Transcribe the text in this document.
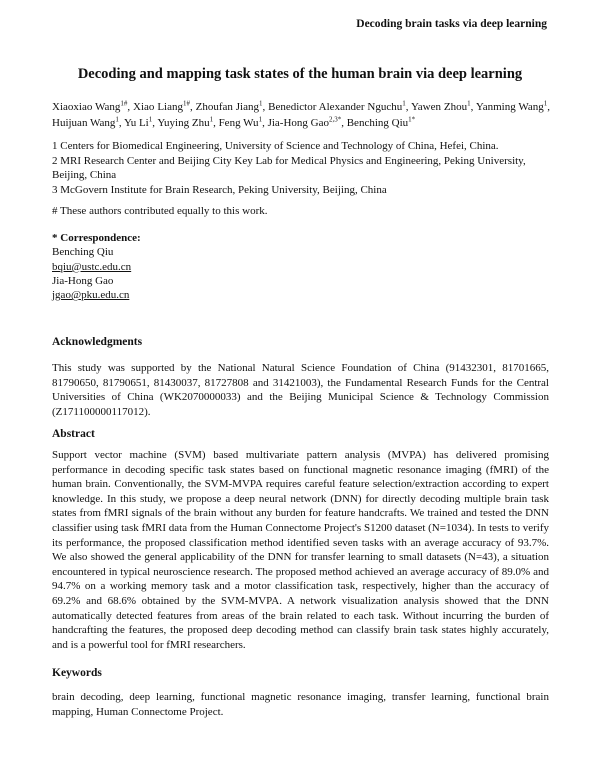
Decoding brain tasks via deep learning
Decoding and mapping task states of the human brain via deep learning
Xiaoxiao Wang$^{1\#}$, Xiao Liang$^{1\#}$, Zhoufan Jiang$^1$, Benedictor Alexander Nguchu$^1$, Yawen Zhou$^1$, Yanming Wang$^1$, Huijuan Wang$^1$, Yu Li$^1$, Yuying Zhu$^1$, Feng Wu$^1$, Jia-Hong Gao$^{2,3*}$, Benching Qiu$^{1*}$
1 Centers for Biomedical Engineering, University of Science and Technology of China, Hefei, China.
2 MRI Research Center and Beijing City Key Lab for Medical Physics and Engineering, Peking University, Beijing, China
3 McGovern Institute for Brain Research, Peking University, Beijing, China
# These authors contributed equally to this work.
* Correspondence:
Benching Qiu
bqiu@ustc.edu.cn
Jia-Hong Gao
jgao@pku.edu.cn
Acknowledgments
This study was supported by the National Natural Science Foundation of China (91432301, 81701665, 81790650, 81790651, 81430037, 81727808 and 31421003), the Fundamental Research Funds for the Central Universities of China (WK2070000033) and the Beijing Municipal Science & Technology Commission (Z171100000117012).
Abstract
Support vector machine (SVM) based multivariate pattern analysis (MVPA) has delivered promising performance in decoding specific task states based on functional magnetic resonance imaging (fMRI) of the human brain. Conventionally, the SVM-MVPA requires careful feature selection/extraction according to expert knowledge. In this study, we propose a deep neural network (DNN) for directly decoding multiple brain task states from fMRI signals of the brain without any burden for feature handcrafts. We trained and tested the DNN classifier using task fMRI data from the Human Connectome Project's S1200 dataset (N=1034). In tests to verify its performance, the proposed classification method identified seven tasks with an average accuracy of 93.7%. We also showed the general applicability of the DNN for transfer learning to small datasets (N=43), a situation encountered in typical neuroscience research. The proposed method achieved an average accuracy of 89.0% and 94.7% on a working memory task and a motor classification task, respectively, higher than the accuracy of 69.2% and 68.6% obtained by the SVM-MVPA. A network visualization analysis showed that the DNN automatically detected features from areas of the brain related to each task. Without incurring the burden of handcrafting the features, the proposed deep decoding method can classify brain task states highly accurately, and is a powerful tool for fMRI researchers.
Keywords
brain decoding, deep learning, functional magnetic resonance imaging, transfer learning, functional brain mapping, Human Connectome Project.
